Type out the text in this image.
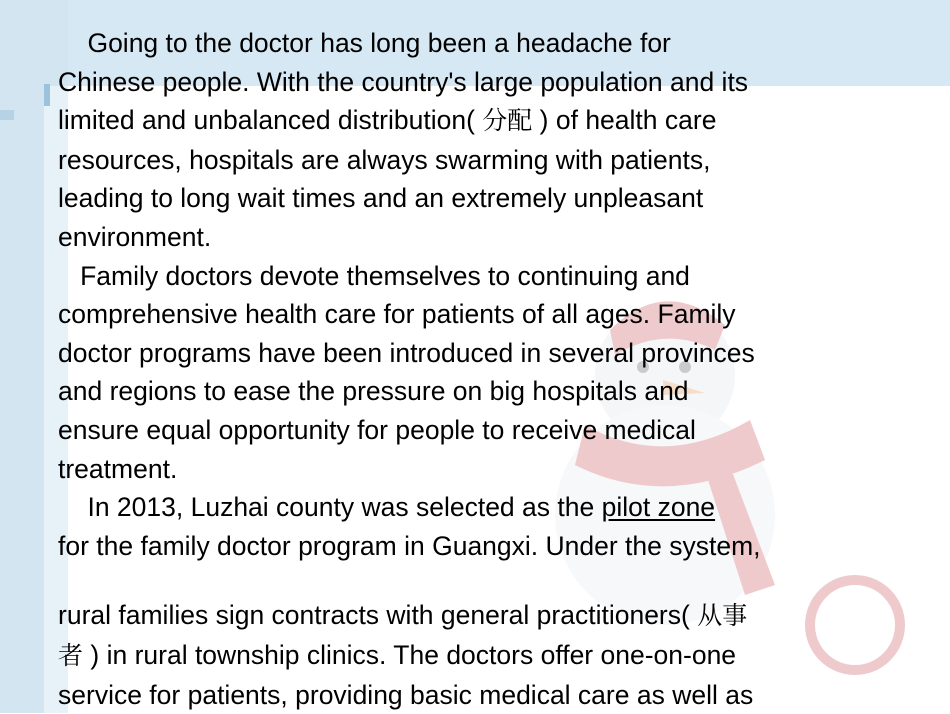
Going to the doctor has long been a headache for

Chinese people. With the country's large population and its

limited and unbalanced distribution( 分配 ) of health care

resources, hospitals are always swarming with patients,

leading to long wait times and an extremely unpleasant

environment.

Family doctors devote themselves to continuing and

comprehensive health care for patients of all ages. Family

doctor programs have been introduced in several provinces

and regions to ease the pressure on big hospitals and

ensure equal opportunity for people to receive medical

treatment.

In 2013, Luzhai county was selected as the pilot zone

for the family doctor program in Guangxi. Under the system,

rural families sign contracts with general practitioners( 从事

者 ) in rural township clinics. The doctors offer one-on-one

service for patients, providing basic medical care as well as
